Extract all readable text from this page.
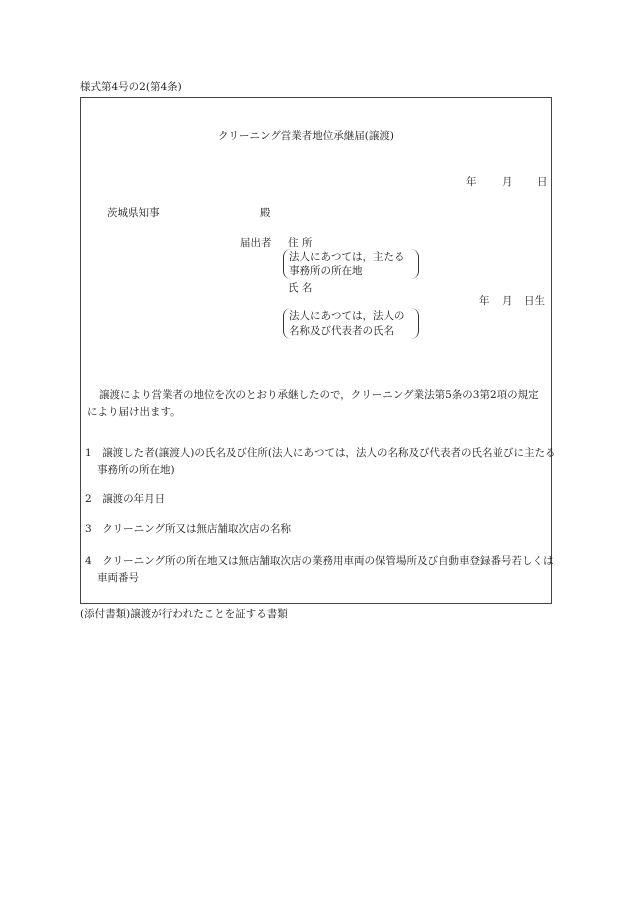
様式第4号の2(第4条)
クリーニング営業者地位承継届(譲渡)
年 月 日
茨城県知事	殿
届出者 住 所
法人にあつては，主たる
事務所の所在地
氏 名
年 月 日生
法人にあつては，法人の
名称及び代表者の氏名
譲渡により営業者の地位を次のとおり承継したので，クリーニング業法第5条の3第2項の規定により届け出ます。
1　 譲渡した者(譲渡人)の氏名及び住所(法人にあつては，法人の名称及び代表者の氏名並びに主たる事務所の所在地)
2　 譲渡の年月日
3　 クリーニング所又は無店舗取次店の名称
4　 クリーニング所の所在地又は無店舗取次店の業務用車両の保管場所及び自動車登録番号若しくは車両番号
(添付書類)譲渡が行われたことを証する書類
